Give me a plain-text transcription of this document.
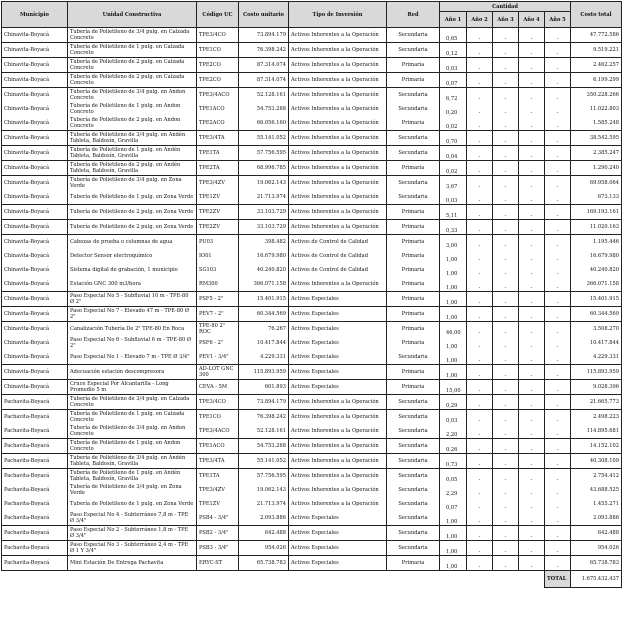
Municipio	Unidad Constructiva	Código UC	Costo unitario	Tipo de Inversión	Red	Cantidad					Costo total
						Año 1	Año 2	Año 3	Año 4	Año 5	
Chinavita-Boyacá	Tubería de Polietileno de 3/4 pulg. en Calzada Concreto	TPE3/4CO	73.894.179	Activos Inherentes a la Operación	Secundaria	0,65	-	-	-	-	47.772.586
Chinavita-Boyacá	Tubería de Polietileno de 1 pulg. en Calzada Concreto	TPE1CO	76.398.242	Activos Inherentes a la Operación	Secundaria	0,12	-	-	-	-	9.519.221
Chinavita-Boyacá	Tubería de Polietileno de 2 pulg. en Calzada Concreto	TPE2CO	87.314.074	Activos Inherentes a la Operación	Primaria	0,03	-	-	-	-	2.462.257
Chinavita-Boyacá	Tubería de Polietileno de 2 pulg. en Calzada Concreto	TPE2CO	87.314.074	Activos Inherentes a la Operación	Primaria	0,07	-	-	-	-	6.199.299
Chinavita-Boyacá	Tubería de Polietileno de 3/4 pulg. en Andon Concreto	TPE3/4ACO	52.128.161	Activos Inherentes a la Operación	Secundaria	6,72	-	-	-	-	350.228.266
Chinavita-Boyacá	Tubería de Polietileno de 1 pulg. en Andon Concreto	TPE1ACO	54.753.268	Activos Inherentes a la Operación	Secundaria	0,20	-	-	-	-	11.022.803
Chinavita-Boyacá	Tubería de Polietileno de 2 pulg. en Andon Concreto	TPE2ACO	66.056.160	Activos Inherentes a la Operación	Primaria	0,02	-	-	-	-	1.585.248
Chinavita-Boyacá	Tubería de Polietileno de 3/4 pulg. en Andén Tableta, Baldosín, Gravilla	TPE3/4TA	55.141.052	Activos Inherentes a la Operación	Secundaria	0,70	-	-	-	-	38.542.595
Chinavita-Boyacá	Tubería de Polietileno de 1 pulg. en Andén Tableta, Baldosín, Gravilla	TPE1TA	57.756.595	Activos Inherentes a la Operación	Secundaria	0,04	-	-	-	-	2.385.247
Chinavita-Boyacá	Tubería de Polietileno de 2 pulg. en Andén Tableta, Baldosín, Gravilla	TPE2TA	68.996.785	Activos Inherentes a la Operación	Primaria	0,02	-	-	-	-	1.290.240
Chinavita-Boyacá	Tubería de Polietileno de 3/4 pulg. en Zona Verde	TPE3/4ZV	19.062.143	Activos Inherentes a la Operación	Secundaria	3,67	-	-	-	-	69.958.064
Chinavita-Boyacá	Tubería de Polietileno de 1 pulg. en Zona Verde	TPE1ZV	21.713.974	Activos Inherentes a la Operación	Secundaria	0,03	-	-	-	-	673.133
Chinavita-Boyacá	Tubería de Polietileno de 2 pulg. en Zona Verde	TPE2ZV	33.103.729	Activos Inherentes a la Operación	Primaria	5,11	-	-	-	-	169.193.161
Chinavita-Boyacá	Tubería de Polietileno de 2 pulg. en Zona Verde	TPE2ZV	33.103.729	Activos Inherentes a la Operación	Primaria	0,33	-	-	-	-	11.020.163
Chinavita-Boyacá	Cabezas de prueba o columnas de agua	PU03	398.482	Activos de Control de Calidad	Primaria	3,00	-	-	-	-	1.195.446
Chinavita-Boyacá	Detector Sensor electroquímico	IO01	16.679.980	Activos de Control de Calidad	Primaria	1,00	-	-	-	-	16.679.980
Chinavita-Boyacá	Sistema digital de grabación, 1 municipio	SG103	40.240.820	Activos de Control de Calidad	Primaria	1,00	-	-	-	-	40.240.820
Chinavita-Boyacá	Estación GNC 300 m3/hora	RM300	366.071.158	Activos Inherentes a la Operación	Primaria	1,00	-	-	-	-	366.071.158
Chinavita-Boyacá	Paso Especial No 5 - Subfluvial 10 m - TPE-80 Ø 2"	PSF5 - 2"	15.401.915	Activos Especiales	Primaria	1,00	-	-	-	-	15.401.915
Chinavita-Boyacá	Paso Especial No 7 - Elevado 47 m - TPE-80 Ø 2"	PEV7 - 2"	60.344.569	Activos Especiales	Primaria	1,00	-	-	-	-	60.344.569
Chinavita-Boyacá	Canalización Tubería De 2" TPE-80 En Roca	TPE-80 2" ROC	76.267	Activos Especiales	Primaria	46,00	-	-	-	-	3.508.270
Chinavita-Boyacá	Paso Especial No 6 - Subfluvial 6 m - TPE-80 Ø 2"	PSF6 - 2"	10.417.844	Activos Especiales	Primaria	1,00	-	-	-	-	10.417.844
Chinavita-Boyacá	Paso Especial No 1 - Elevado 7 m - TPE Ø 3/4"	PEV1 - 3/4"	4.229.331	Activos Especiales	Secundaria	1,00	-	-	-	-	4.229.331
Chinavita-Boyacá	Adecuación estación descompresora	AD-LOT GNC 300	115.893.959	Activos Especiales	Primaria	1,00	-	-	-	-	115.893.959
Chinavita-Boyacá	Cruce Especial Por Alcantarilla - Long Promedio 5 m	CEVA - 5M	601.893	Activos Especiales	Primaria	15,00	-	-	-	-	9.028.396
Pachavita-Boyacá	Tubería de Polietileno de 3/4 pulg. en Calzada Concreto	TPE3/4CO	73.894.179	Activos Inherentes a la Operación	Secundaria	0,29	-	-	-	-	21.665.773
Pachavita-Boyacá	Tubería de Polietileno de 1 pulg. en Calzada Concreto	TPE1CO	76.398.242	Activos Inherentes a la Operación	Secundaria	0,03	-	-	-	-	2.498.223
Pachavita-Boyacá	Tubería de Polietileno de 3/4 pulg. en Andon Concreto	TPE3/4ACO	52.128.161	Activos Inherentes a la Operación	Secundaria	2,20	-	-	-	-	114.895.681
Pachavita-Boyacá	Tubería de Polietileno de 1 pulg. en Andon Concreto	TPE1ACO	54.753.268	Activos Inherentes a la Operación	Secundaria	0,26	-	-	-	-	14.152.102
Pachavita-Boyacá	Tubería de Polietileno de 3/4 pulg. en Andén Tableta, Baldosín, Gravilla	TPE3/4TA	55.141.052	Activos Inherentes a la Operación	Secundaria	0,73	-	-	-	-	40.308.109
Pachavita-Boyacá	Tubería de Polietileno de 1 pulg. en Andén Tableta, Baldosín, Gravilla	TPE1TA	57.756.595	Activos Inherentes a la Operación	Secundaria	0,05	-	-	-	-	2.754.412
Pachavita-Boyacá	Tubería de Polietileno de 3/4 pulg. en Zona Verde	TPE3/4ZV	19.062.143	Activos Inherentes a la Operación	Secundaria	2,29	-	-	-	-	43.688.525
Pachavita-Boyacá	Tubería de Polietileno de 1 pulg. en Zona Verde	TPE1ZV	21.713.974	Activos Inherentes a la Operación	Secundaria	0,07	-	-	-	-	1.455.271
Pachavita-Boyacá	Paso Especial No 4 - Subterráneo 7,8 m - TPE Ø 3/4"	PSB4 - 3/4"	2.093.886	Activos Especiales	Secundaria	1,00	-	-	-	-	2.093.886
Pachavita-Boyacá	Paso Especial No 2 - Subterráneo 1,8 m - TPE Ø 3/4"	PSB2 - 3/4"	642.488	Activos Especiales	Secundaria	1,00	-	-	-	-	642.488
Pachavita-Boyacá	Paso Especial No 3 - Subterráneo 2,4 m - TPE Ø 1 Y 3/4"	PSB3 - 3/4"	954.026	Activos Especiales	Secundaria	1,00	-	-	-	-	954.026
Pachavita-Boyacá	Mini Estación De Entrega Pachavita	ERYC-ST	65.738.783	Activos Especiales	Primaria	1,00	-	-	-	-	65.738.783
										TOTAL	1.675.432.437
